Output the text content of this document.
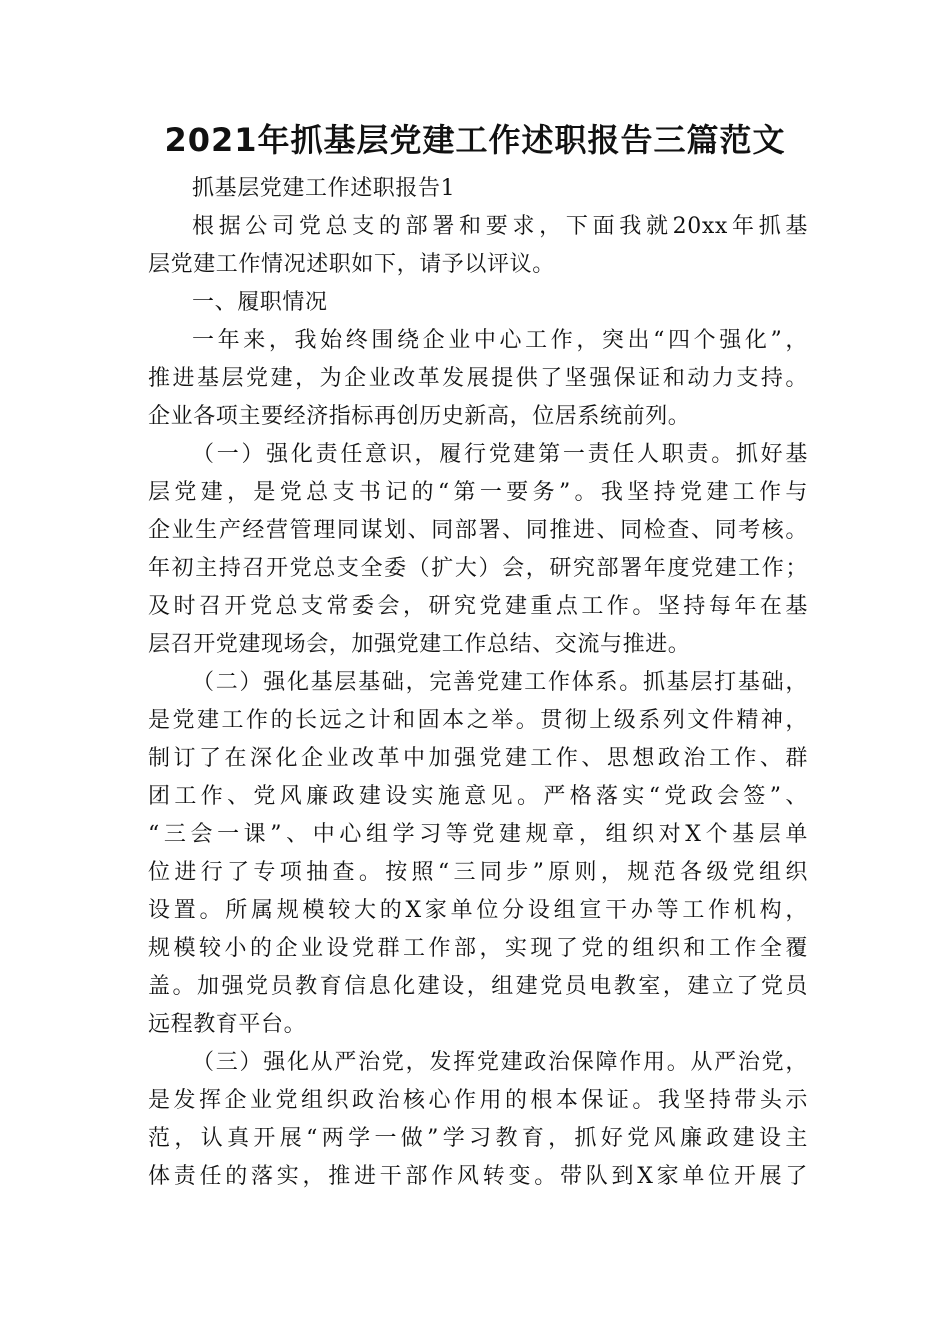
2021年抓基层党建工作述职报告三篇范文
抓基层党建工作述职报告1
根据公司党总支的部署和要求，下面我就20xx年抓基
层党建工作情况述职如下，请予以评议。
一、履职情况
一年来，我始终围绕企业中心工作，突出“四个强化”，
推进基层党建，为企业改革发展提供了坚强保证和动力支持。
企业各项主要经济指标再创历史新高，位居系统前列。
（一）强化责任意识，履行党建第一责任人职责。抓好基
层党建，是党总支书记的“第一要务”。我坚持党建工作与
企业生产经营管理同谋划、同部署、同推进、同检查、同考核。
年初主持召开党总支全委（扩大）会，研究部署年度党建工作；
及时召开党总支常委会，研究党建重点工作。坚持每年在基
层召开党建现场会，加强党建工作总结、交流与推进。
（二）强化基层基础，完善党建工作体系。抓基层打基础，
是党建工作的长远之计和固本之举。贯彻上级系列文件精神，
制订了在深化企业改革中加强党建工作、思想政治工作、群
团工作、党风廉政建设实施意见。严格落实“党政会签”、
“三会一课”、中心组学习等党建规章，组织对X个基层单
位进行了专项抽查。按照“三同步”原则，规范各级党组织
设置。所属规模较大的X家单位分设组宣干办等工作机构，
规模较小的企业设党群工作部，实现了党的组织和工作全覆
盖。加强党员教育信息化建设，组建党员电教室，建立了党员
远程教育平台。
（三）强化从严治党，发挥党建政治保障作用。从严治党，
是发挥企业党组织政治核心作用的根本保证。我坚持带头示
范，认真开展“两学一做”学习教育，抓好党风廉政建设主
体责任的落实，推进干部作风转变。带队到X家单位开展了
